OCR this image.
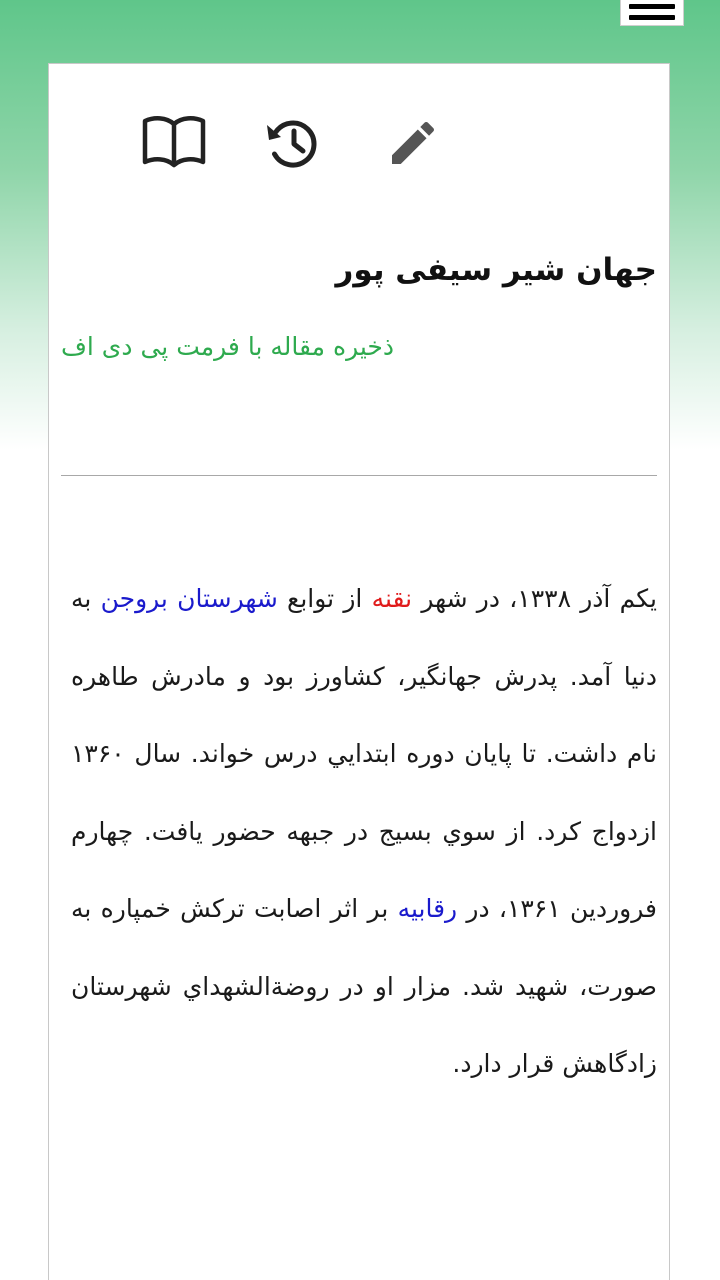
جهان شیر سیفی پور
ذخیره مقاله با فرمت پی دی اف

یکم آذر ۱۳۳۸، در شهر نقنه از توابع شهرستان بروجن به دنیا آمد. پدرش جهانگیر، کشاورز بود و مادرش طاهره نام داشت. تا پایان دوره ابتدایي درس خواند. سال ۱۳۶۰ ازدواج کرد. از سوي بسیج در جبهه حضور یافت. چهارم فروردین ۱۳۶۱، در رقابیه بر اثر اصابت ترکش خمپاره به صورت، شهید شد. مزار او در روضةالشهداي شهرستان زادگاهش قرار دارد.
